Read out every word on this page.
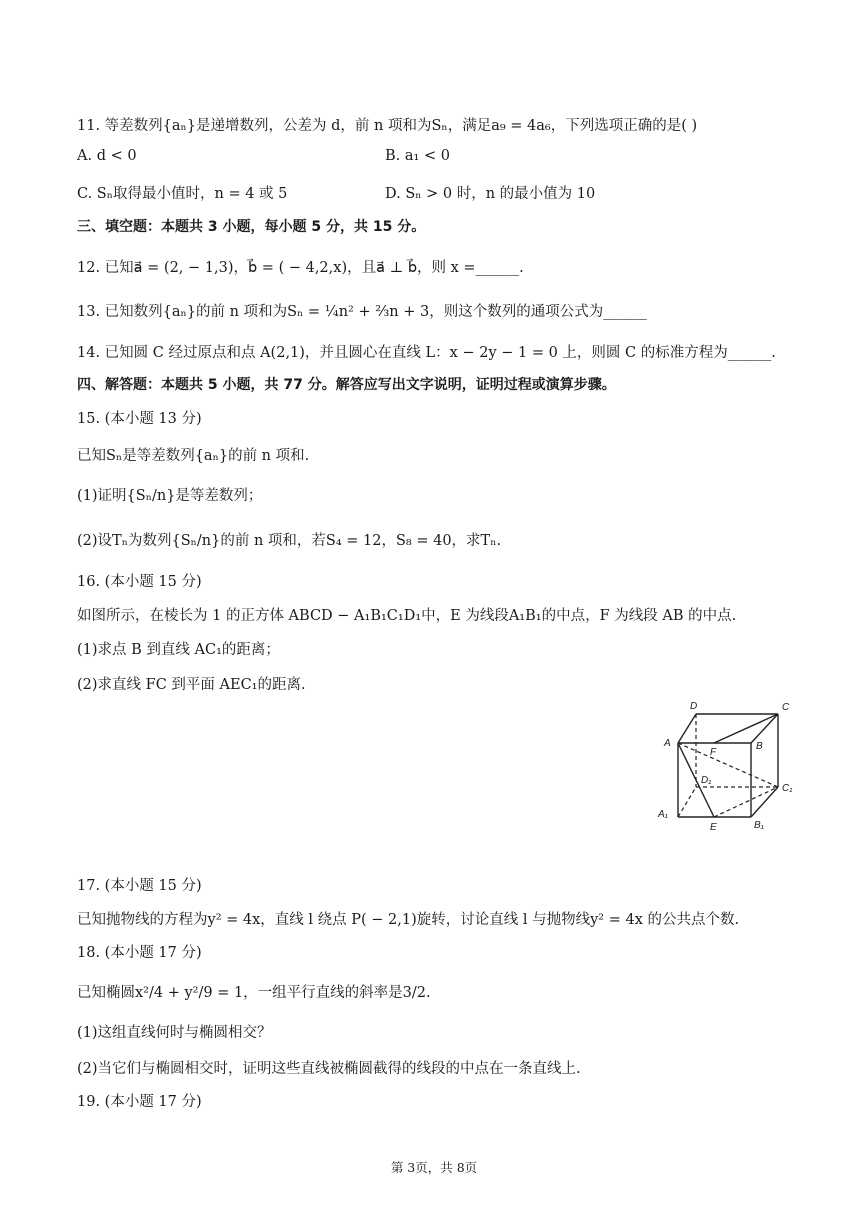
11. 等差数列{aₙ}是递增数列，公差为 d，前 n 项和为Sₙ，满足a₉ = 4a₆，下列选项正确的是( )
A. d < 0	B. a₁ < 0
C. Sₙ取得最小值时，n = 4 或 5	D. Sₙ > 0 时，n 的最小值为 10
三、填空题：本题共 3 小题，每小题 5 分，共 15 分。
12. 已知a⃗ = (2, − 1,3)，b⃗ = ( − 4,2,x)，且a⃗ ⊥ b⃗，则 x =______.
13. 已知数列{aₙ}的前 n 项和为Sₙ = ¼n² + ⅔n + 3，则这个数列的通项公式为______
14. 已知圆 C 经过原点和点 A(2,1)，并且圆心在直线 L：x − 2y − 1 = 0 上，则圆 C 的标准方程为______.
四、解答题：本题共 5 小题，共 77 分。解答应写出文字说明，证明过程或演算步骤。
15. (本小题 13 分)
已知Sₙ是等差数列{aₙ}的前 n 项和.
(1)证明{Sₙ/n}是等差数列；
(2)设Tₙ为数列{Sₙ/n}的前 n 项和，若S₄ = 12，S₈ = 40，求Tₙ.
16. (本小题 15 分)
如图所示，在棱长为 1 的正方体 ABCD − A₁B₁C₁D₁中，E 为线段A₁B₁的中点，F 为线段 AB 的中点.
(1)求点 B 到直线 AC₁的距离；
(2)求直线 FC 到平面 AEC₁的距离.
D	C
A
F
B
D₁
C₁
A₁
E	B₁
17. (本小题 15 分)
已知抛物线的方程为y² = 4x，直线 l 绕点 P( − 2,1)旋转，讨论直线 l 与抛物线y² = 4x 的公共点个数.
18. (本小题 17 分)
已知椭圆x²/4 + y²/9 = 1，一组平行直线的斜率是3/2.
(1)这组直线何时与椭圆相交？
(2)当它们与椭圆相交时，证明这些直线被椭圆截得的线段的中点在一条直线上.
19. (本小题 17 分)
第 3页，共 8页
